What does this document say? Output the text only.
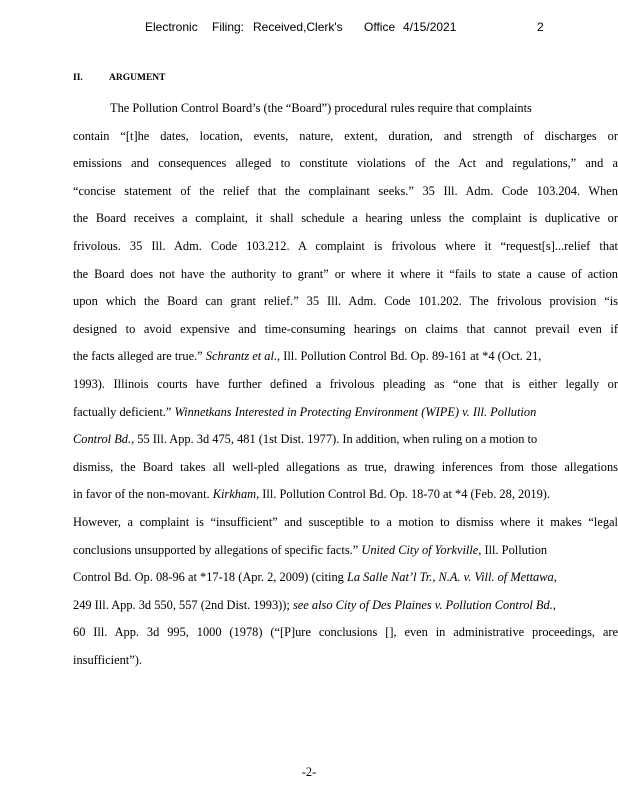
Electronic Filing: Received,Clerk's Office 4/15/2021	2
II.	ARGUMENT
The Pollution Control Board’s (the “Board”) procedural rules require that complaints
contain “[t]he dates, location, events, nature, extent, duration, and strength of discharges or
emissions and consequences alleged to constitute violations of the Act and regulations,” and a
“concise statement of the relief that the complainant seeks.” 35 Ill. Adm. Code 103.204. When
the Board receives a complaint, it shall schedule a hearing unless the complaint is duplicative or
frivolous. 35 Ill. Adm. Code 103.212. A complaint is frivolous where it “request[s]...relief that
the Board does not have the authority to grant” or where it where it “fails to state a cause of action
upon which the Board can grant relief.” 35 Ill. Adm. Code 101.202. The frivolous provision “is
designed to avoid expensive and time-consuming hearings on claims that cannot prevail even if
the facts alleged are true.” Schrantz et al., Ill. Pollution Control Bd. Op. 89-161 at *4 (Oct. 21,
1993). Illinois courts have further defined a frivolous pleading as “one that is either legally or
factually deficient.” Winnetkans Interested in Protecting Environment (WIPE) v. Ill. Pollution
Control Bd., 55 Ill. App. 3d 475, 481 (1st Dist. 1977). In addition, when ruling on a motion to
dismiss, the Board takes all well-pled allegations as true, drawing inferences from those allegations
in favor of the non-movant. Kirkham, Ill. Pollution Control Bd. Op. 18-70 at *4 (Feb. 28, 2019).
However, a complaint is “insufficient” and susceptible to a motion to dismiss where it makes “legal
conclusions unsupported by allegations of specific facts.” United City of Yorkville, Ill. Pollution
Control Bd. Op. 08-96 at *17-18 (Apr. 2, 2009) (citing La Salle Nat’l Tr., N.A. v. Vill. of Mettawa,
249 Ill. App. 3d 550, 557 (2nd Dist. 1993)); see also City of Des Plaines v. Pollution Control Bd.,
60 Ill. App. 3d 995, 1000 (1978) (“[P]ure conclusions [], even in administrative proceedings, are
insufficient”).
-2-
